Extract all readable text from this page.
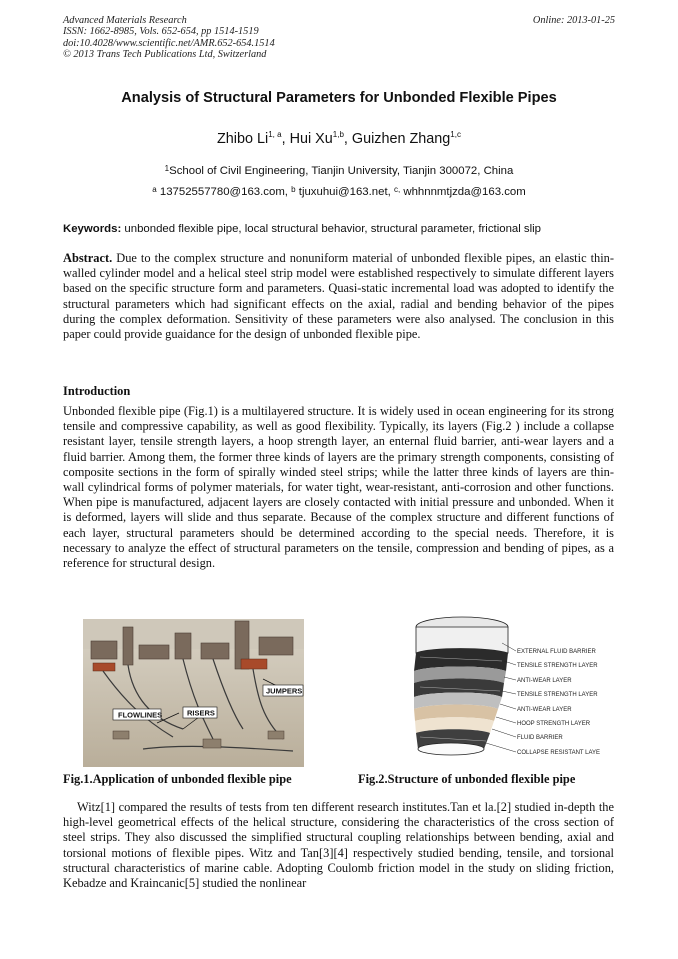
Advanced Materials Research
ISSN: 1662-8985, Vols. 652-654, pp 1514-1519
doi:10.4028/www.scientific.net/AMR.652-654.1514
© 2013 Trans Tech Publications Ltd, Switzerland
Online: 2013-01-25
Analysis of Structural Parameters for Unbonded Flexible Pipes
Zhibo Li$^{1, a}$, Hui Xu$^{1,b}$, Guizhen Zhang$^{1,c}$
$^1$School of Civil Engineering, Tianjin University, Tianjin 300072, China
$^a$ 13752557780@163.com, $^b$ tjuxuhui@163.net, $^{c,}$ whhnnmtjzda@163.com
Keywords: unbonded flexible pipe, local structural behavior, structural parameter, frictional slip

Abstract. Due to the complex structure and nonuniform material of unbonded flexible pipes, an elastic thin-walled cylinder model and a helical steel strip model were established respectively to simulate different layers based on the specific structure form and parameters. Quasi-static incremental load was adopted to identify the structural parameters which had significant effects on the axial, radial and bending behavior of the pipes during the complex deformation. Sensitivity of these parameters were also analysed. The conclusion in this paper could provide guaidance for the design of unbonded flexible pipe.

Introduction

Unbonded flexible pipe (Fig.1) is a multilayered structure. It is widely used in ocean engineering for its strong tensile and compressive capability, as well as good flexibility. Typically, its layers (Fig.2 ) include a collapse resistant layer, tensile strength layers, a hoop strength layer, an enternal fluid barrier, anti-wear layers and a fluid barrier. Among them, the former three kinds of layers are the primary strength components, consisting of composite sections in the form of spirally winded steel strips; while the latter three kinds of layers are thin-wall cylindrical forms of polymer materials, for water tight, wear-resistant, anti-corrosion and other functions. When pipe is manufactured, adjacent layers are closely contacted with initial pressure and unbonded. When it is deformed, layers will slide and thus separate. Because of the complex structure and different functions of each layer, structural parameters should be determined according to the special needs. Therefore, it is necessary to analyze the effect of structural parameters on the tensile, compression and bending of pipes, as a reference for structural design.

FLOWLINES	RISERS
JUMPERS
EXTERNAL FLUID BARRIER
TENSILE STRENGTH LAYER
ANTI-WEAR LAYER
TENSILE STRENGTH LAYER
ANTI-WEAR LAYER
HOOP STRENGTH LAYER
FLUID BARRIER
COLLAPSE RESISTANT LAYER
Fig.1.Application of unbonded flexible pipe	Fig.2.Structure of unbonded flexible pipe

Witz[1] compared the results of tests from ten different research institutes.Tan et la.[2] studied in-depth the high-level geometrical effects of the helical structure, considering the characteristics of the cross section of steel strips. They also discussed the simplified structural coupling relationships between bending, axial and torsional motions of flexible pipes. Witz and Tan[3][4] respectively studied bending, tensile, and torsional structural characteristics of marine cable. Adopting Coulomb friction model in the study on sliding friction, Kebadze and Kraincanic[5] studied the nonlinear
